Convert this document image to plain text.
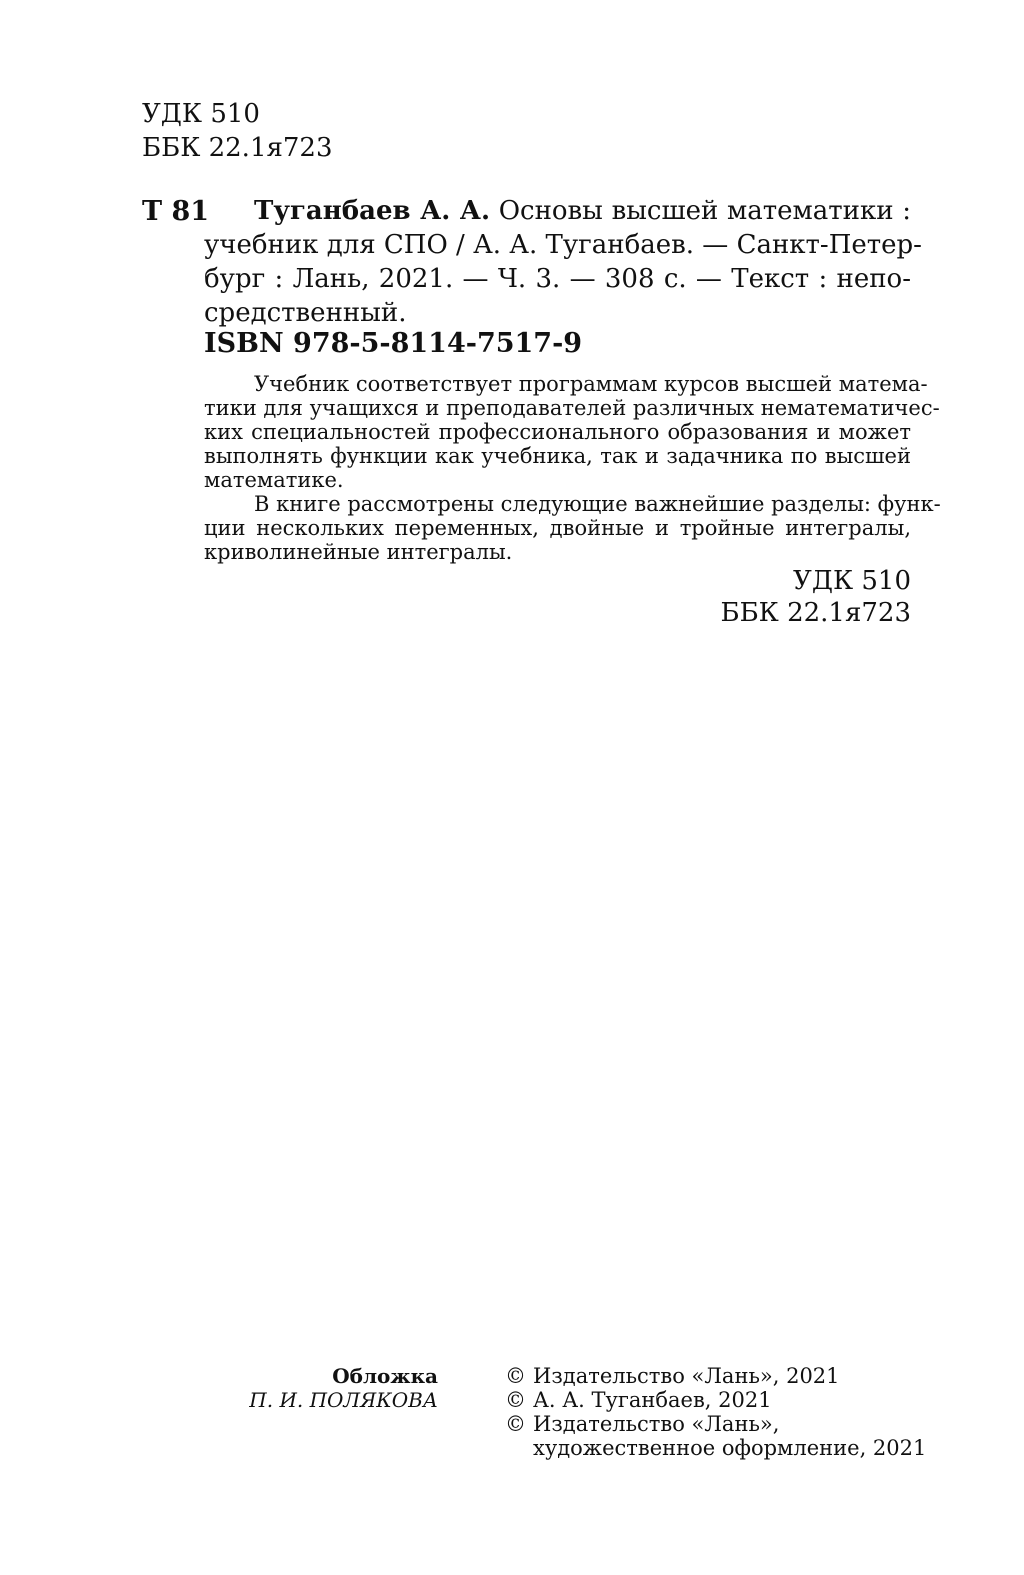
УДК 510
ББК 22.1я723
Т 81	Туганбаев А. А. Основы высшей математики :
учебник для СПО / А. А. Туганбаев. — Санкт-Петер-
бург : Лань, 2021. — Ч. 3. — 308 с. — Текст : непо-
средственный.
ISBN 978-5-8114-7517-9
Учебник соответствует программам курсов высшей матема-
тики для учащихся и преподавателей различных нематематичес-
ких специальностей профессионального образования и может
выполнять функции как учебника, так и задачника по высшей
математике.
В книге рассмотрены следующие важнейшие разделы: функ-
ции нескольких переменных, двойные и тройные интегралы,
криволинейные интегралы.
УДК 510
ББК 22.1я723
Обложка
П. И. ПОЛЯКОВА
© Издательство «Лань», 2021
© А. А. Туганбаев, 2021
© Издательство «Лань»,
художественное оформление, 2021
